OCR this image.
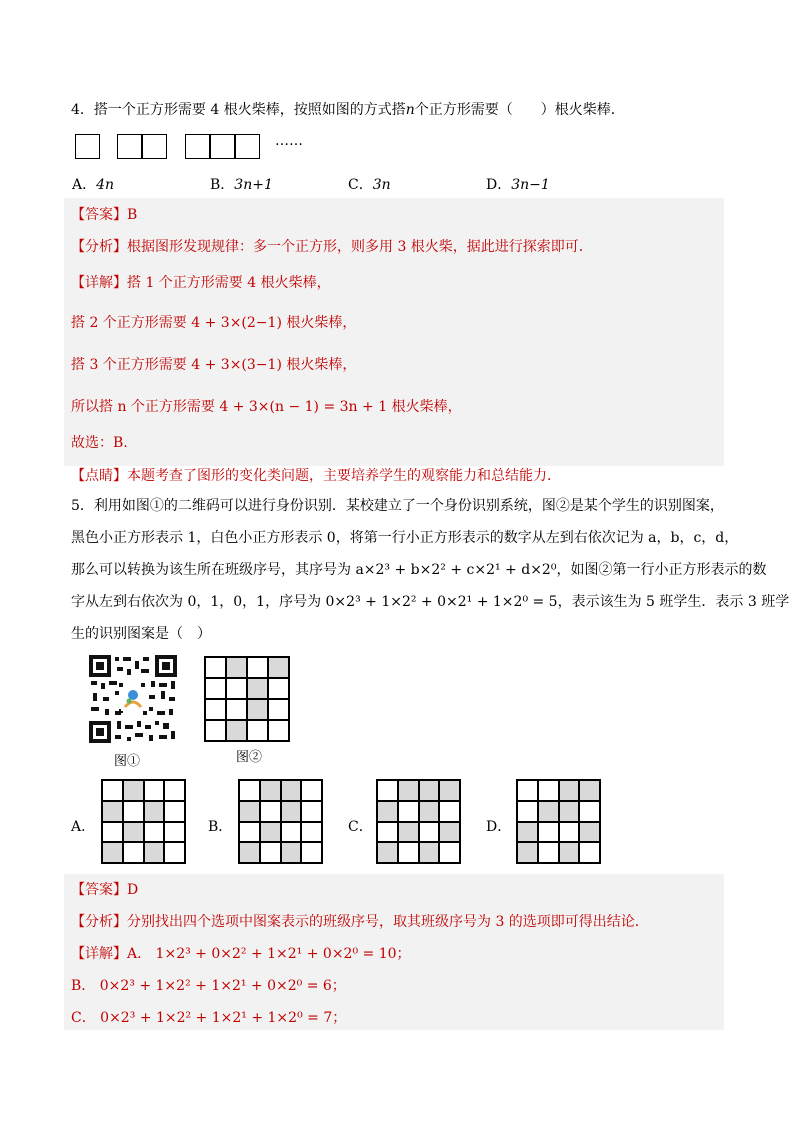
4．搭一个正方形需要 4 根火柴棒，按照如图的方式搭n个正方形需要（　　）根火柴棒．
……
A．4n	B．3n+1	C．3n	D．3n−1
【答案】B
【分析】根据图形发现规律：多一个正方形，则多用 3 根火柴，据此进行探索即可．
【详解】搭 1 个正方形需要 4 根火柴棒，
搭 2 个正方形需要 4 + 3×(2−1) 根火柴棒，
搭 3 个正方形需要 4 + 3×(3−1) 根火柴棒，
所以搭 n 个正方形需要 4 + 3×(n − 1) = 3n + 1 根火柴棒，
故选：B.
【点睛】本题考查了图形的变化类问题，主要培养学生的观察能力和总结能力．
5．利用如图①的二维码可以进行身份识别．某校建立了一个身份识别系统，图②是某个学生的识别图案，
黑色小正方形表示 1，白色小正方形表示 0，将第一行小正方形表示的数字从左到右依次记为 a，b，c，d，
那么可以转换为该生所在班级序号，其序号为 a×2³ + b×2² + c×2¹ + d×2⁰，如图②第一行小正方形表示的数
字从左到右依次为 0，1，0，1，序号为 0×2³ + 1×2² + 0×2¹ + 1×2⁰ = 5，表示该生为 5 班学生．表示 3 班学
生的识别图案是（　）
图①	图②
A．	B．	C．	D．
【答案】D
【分析】分别找出四个选项中图案表示的班级序号，取其班级序号为 3 的选项即可得出结论．
【详解】A． 1×2³ + 0×2² + 1×2¹ + 0×2⁰ = 10；
B． 0×2³ + 1×2² + 1×2¹ + 0×2⁰ = 6；
C． 0×2³ + 1×2² + 1×2¹ + 1×2⁰ = 7；
